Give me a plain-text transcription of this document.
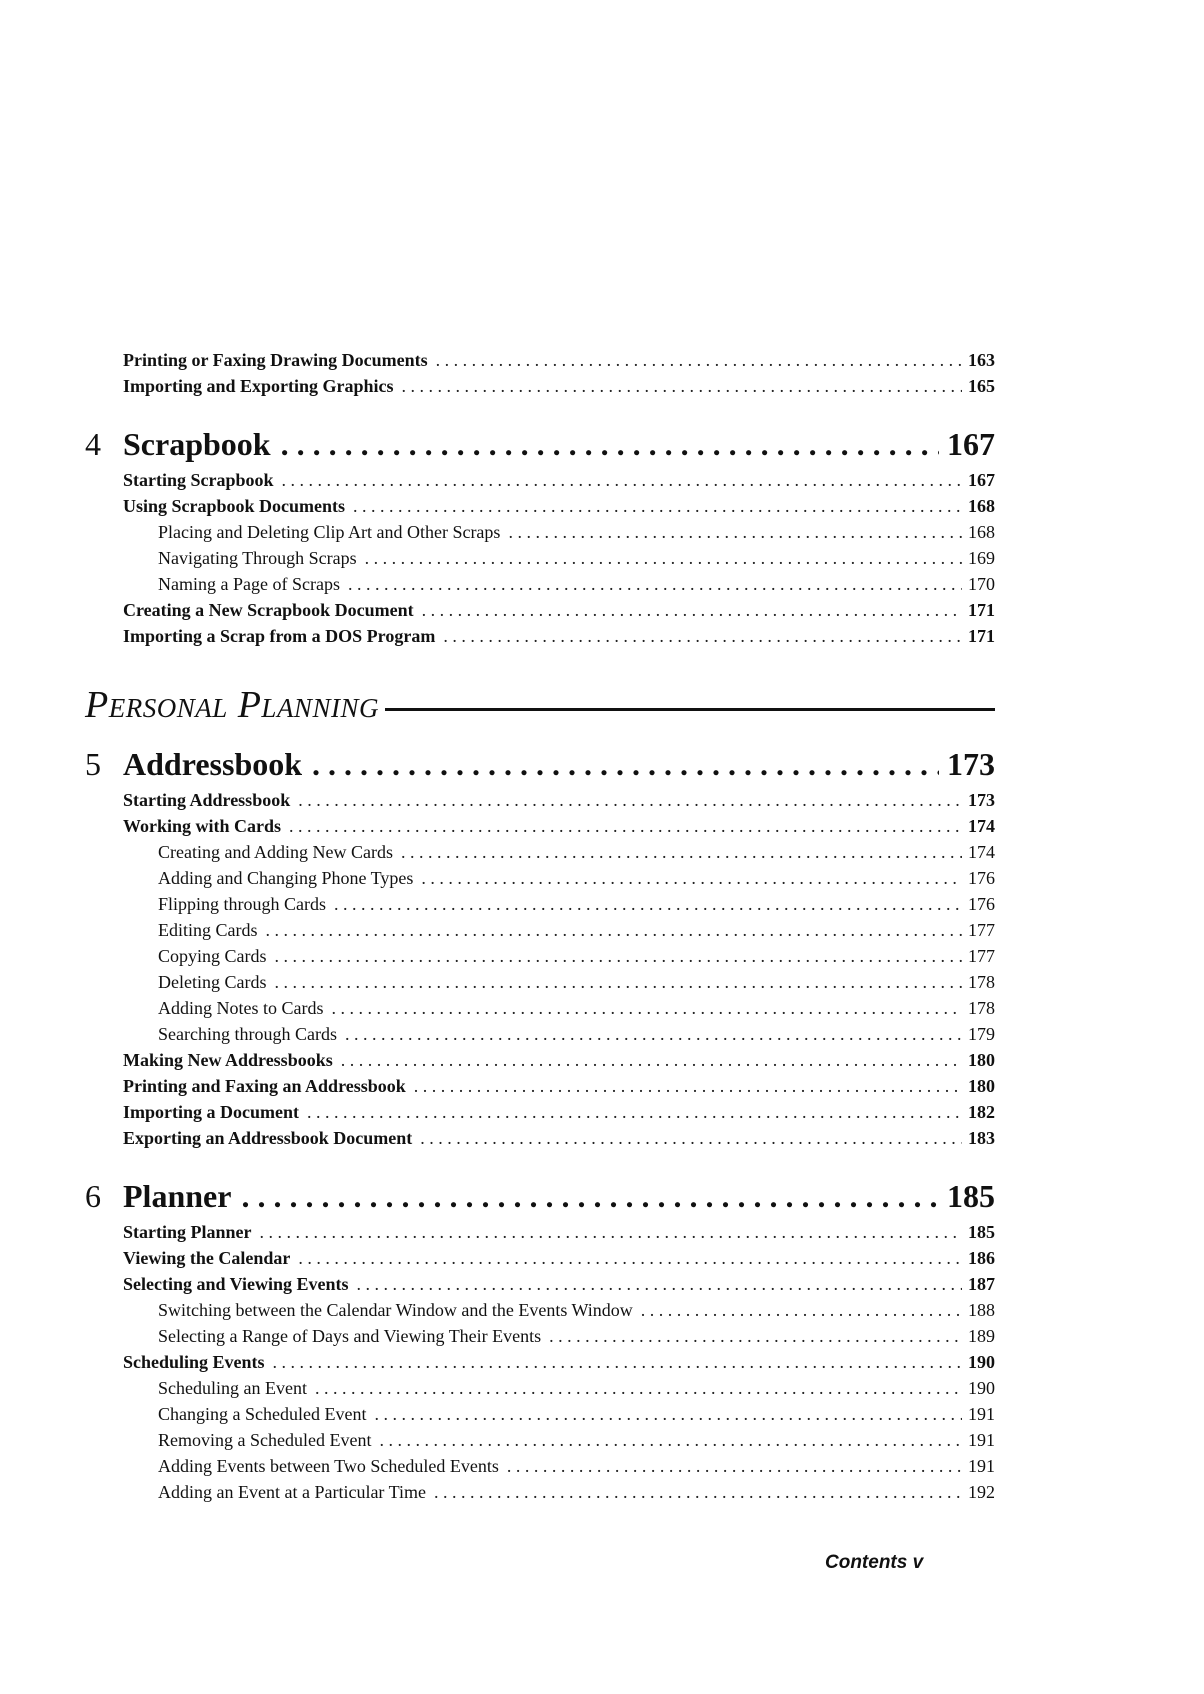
Printing or Faxing Drawing Documents . . .	163
Importing and Exporting Graphics . . .	165
4 Scrapbook . . .	167
Starting Scrapbook . . .	167
Using Scrapbook Documents . . .	168
Placing and Deleting Clip Art and Other Scraps . . .	168
Navigating Through Scraps . . .	169
Naming a Page of Scraps . . .	170
Creating a New Scrapbook Document . . .	171
Importing a Scrap from a DOS Program . . .	171
Personal Planning
5 Addressbook . . .	173
Starting Addressbook . . .	173
Working with Cards . . .	174
Creating and Adding New Cards . . .	174
Adding and Changing Phone Types . . .	176
Flipping through Cards . . .	176
Editing Cards . . .	177
Copying Cards . . .	177
Deleting Cards . . .	178
Adding Notes to Cards . . .	178
Searching through Cards . . .	179
Making New Addressbooks . . .	180
Printing and Faxing an Addressbook . . .	180
Importing a Document . . .	182
Exporting an Addressbook Document . . .	183
6 Planner . . .	185
Starting Planner . . .	185
Viewing the Calendar . . .	186
Selecting and Viewing Events . . .	187
Switching between the Calendar Window and the Events Window . . .	188
Selecting a Range of Days and Viewing Their Events . . .	189
Scheduling Events . . .	190
Scheduling an Event . . .	190
Changing a Scheduled Event . . .	191
Removing a Scheduled Event . . .	191
Adding Events between Two Scheduled Events . . .	191
Adding an Event at a Particular Time . . .	192
Contents v
